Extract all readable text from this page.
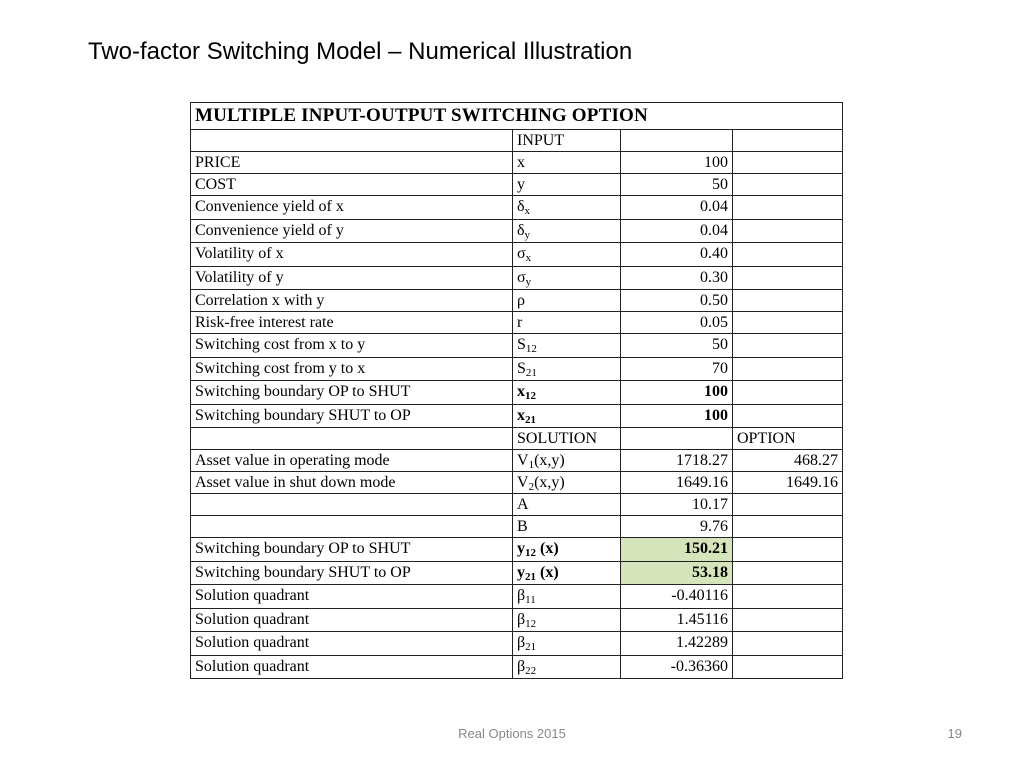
Two-factor Switching Model – Numerical Illustration
MULTIPLE INPUT-OUTPUT SWITCHING OPTION			
	INPUT		
PRICE	x	100	
COST	y	50	
Convenience yield of x	$\delta_x$	0.04	
Convenience yield of y	$\delta_y$	0.04	
Volatility of x	$\sigma_x$	0.40	
Volatility of y	$\sigma_y$	0.30	
Correlation x with y	ρ	0.50	
Risk-free interest rate	r	0.05	
Switching cost from x to y	$S_{12}$	50	
Switching cost from y to x	$S_{21}$	70	
Switching boundary OP to SHUT	$x_{12}$	100	
Switching boundary SHUT to OP	$x_{21}$	100	
	SOLUTION		OPTION
Asset value in operating mode	$V_1(x,y)$	1718.27	468.27
Asset value in shut down mode	$V_2(x,y)$	1649.16	1649.16
	A	10.17	
	B	9.76	
Switching boundary OP to SHUT	$y_{12}$ (x)	150.21	
Switching boundary SHUT to OP	$y_{21}$ (x)	53.18	
Solution quadrant	$\beta_{11}$	-0.40116	
Solution quadrant	$\beta_{12}$	1.45116	
Solution quadrant	$\beta_{21}$	1.42289	
Solution quadrant	$\beta_{22}$	-0.36360	
Real Options 2015	19
